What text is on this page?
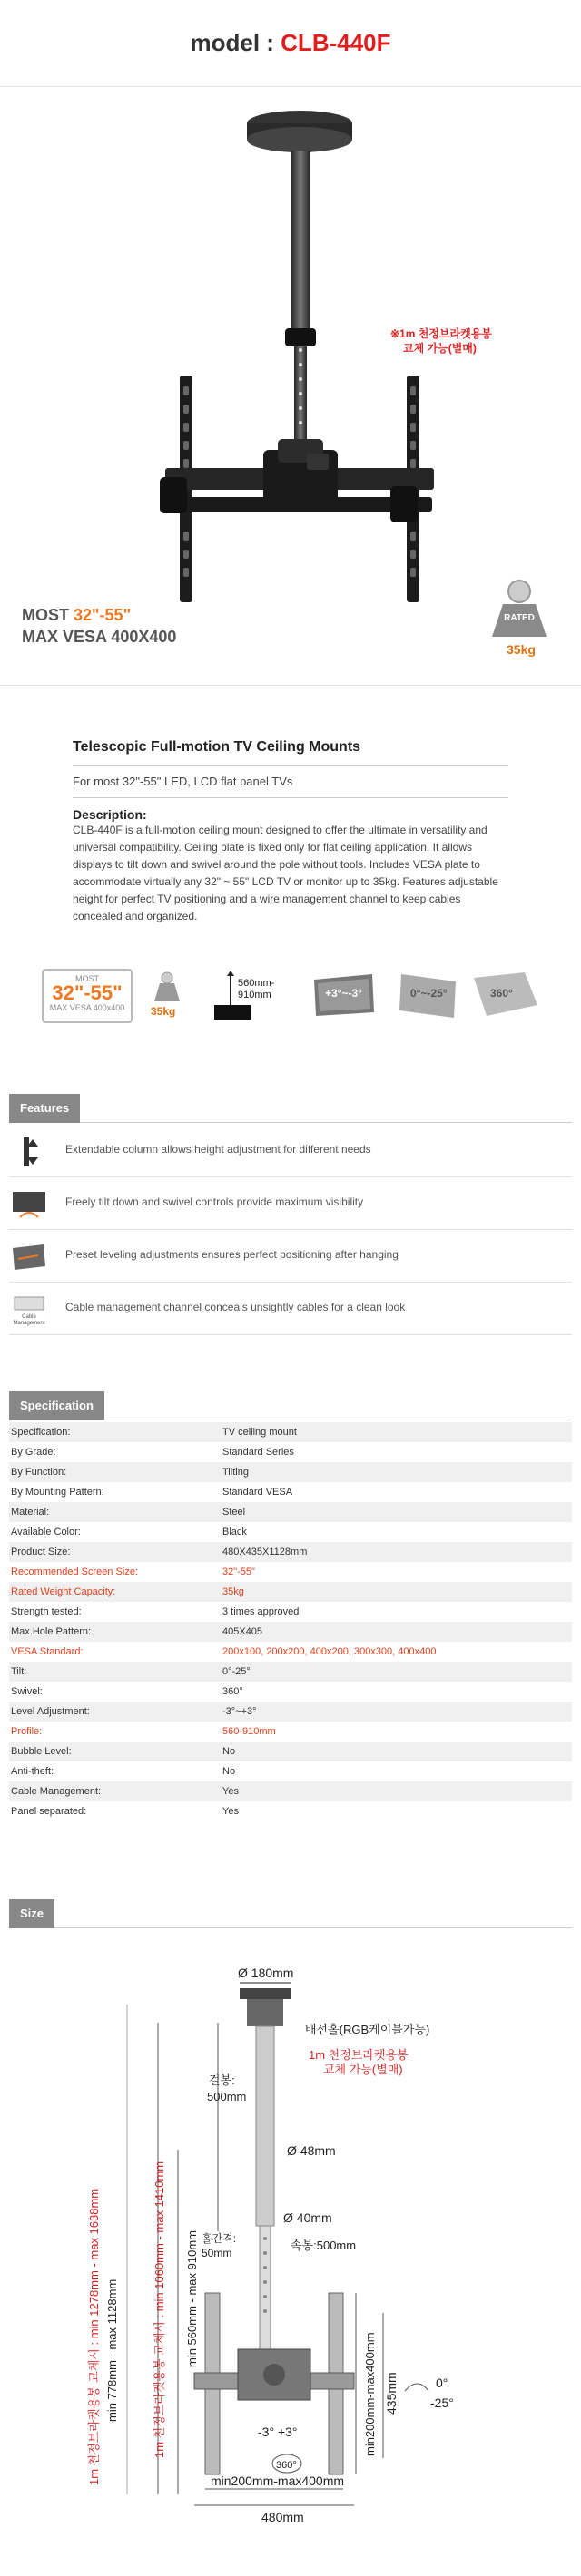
model : CLB-440F
※1m 천정브라켓용봉
교체 가능(별매)
MOST 32"-55"
MAX VESA 400X400
RATED
35kg
Telescopic Full-motion TV Ceiling Mounts
For most 32"-55" LED, LCD flat panel TVs
Description:

CLB-440F is a full-motion ceiling mount designed to offer the ultimate in versatility and universal compatibility. Ceiling plate is fixed only for flat ceiling application. It allows displays to tilt down and swivel around the pole without tools. Includes VESA plate to accommodate virtually any 32" ~ 55" LCD TV or monitor up to 35kg. Features adjustable height for perfect TV positioning and a wire management channel to keep cables concealed and organized.

MOST
32"-55"
MAX VESA 400x400	35kg
560mm-
910mm	+3°~-3°	0°~-25°	360°
Features
Extendable column allows height adjustment for different needs
Freely tilt down and swivel controls provide maximum visibility
Preset leveling adjustments ensures perfect positioning after hanging
Cable
Management
Cable management channel conceals unsightly cables for a clean look
Specification
Specification:	TV ceiling mount
By Grade:	Standard Series
By Function:	Tilting
By Mounting Pattern:	Standard VESA
Material:	Steel
Available Color:	Black
Product Size:	480X435X1128mm
Recommended Screen Size:	32"-55"
Rated Weight Capacity:	35kg
Strength tested:	3 times approved
Max.Hole Pattern:	405X405
VESA Standard:	200x100, 200x200, 400x200, 300x300, 400x400
Tilt:	0°-25°
Swivel:	360°
Level Adjustment:	-3°~+3°
Profile:	560-910mm
Bubble Level:	No
Anti-theft:	No
Cable Management:	Yes
Panel separated:	Yes
Size
Ø 180mm
배선홀(RGB케이블가능)
1m 천정브라켓용봉
교체 가능(별매)
걸봉:
500mm
Ø 48mm
Ø 40mm
홀간격:
50mm
속봉:500mm
1m 천정브라켓용봉 교체시 : min 1278mm - max 1638mm min 778mm - max 1128mm	1m 천정브라켓용봉 교체시 : min 1060mm - max 1410mm min 560mm - max 910mm
min200mm-max400mm 435mm	0°
-25°
-3° +3°
360°
min200mm-max400mm
480mm
